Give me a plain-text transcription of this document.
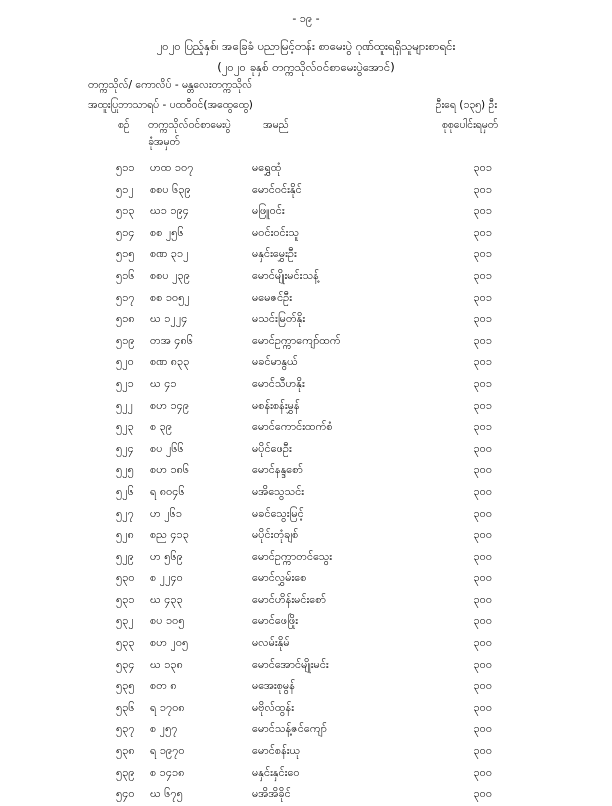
- ၁၉ -
၂၀၂၀ ပြည့်နှစ်၊ အခြေခံ ပညာမြင့်တန်း စာမေးပွဲ ဂုဏ်ထူးရရှိသူများစာရင်း
(၂၀၂၀ ခုနှစ် တက္ကသိုလ်ဝင်စာမေးပွဲအောင်)
တက္ကသိုလ်/ ကောလိပ် - မန္တလေးတက္ကသိုလ်
အထူးပြုဘာသာရပ် - ပထဝီဝင်(အထွေထွေ)	ဦးရေ (၁၃၅) ဦး
စဉ် တက္ကသိုလ်ဝင်စာမေးပွဲ	အမည်	စုစုပေါင်းရမှတ်
ခုံအမှတ်
၅၁၁ ဟထ ၁၀၇	မရွှေထုံ	၃၀၁
၅၁၂ စစပ ၆၃၉	မောင်ဝင်းနိုင်	၃၀၁
၅၁၃ ဃ၁ ၁၉၄	မဖြူဝင်း	၃၀၁
၅၁၄ စစ ၂၅၆	မဝင်းဝင်းသူ	၃၀၁
၅၁၅ စဏ ၃၁၂	မနှင်းမွှေးဦး	၃၀၁
၅၁၆ စစပ ၂၃၉	မောင်မျိုးမင်းသန့်	၃၀၁
၅၁၇ စစ ၁၀၅၂	မမေဇင်ဦး	၃၀၁
၅၁၈ ဃ ၁၂၂၄	မသင်းမြတ်နိုး	၃၀၁
၅၁၉ တအ ၄၈၆	မောင်ဥက္ကာကျော်ထက်	၃၀၁
၅၂၀ စဏ ၈၃၃	မခင်မာနွယ်	၃၀၁
၅၂၁ ဃ ၄၁	မောင်သီဟနိုး	၃၀၁
၅၂၂ စဟ ၁၄၉	မစန်းစန်းမွှန်	၃၀၁
၅၂၃ စ ၃၉	မောင်ကောင်းထက်စံ	၃၀၁
၅၂၄ စပ ၂၆၆	မပိုင်ဖေဦး	၃၀၀
၅၂၅ စဟ ၁၈၆	မောင်နန္ဒစော်	၃၀၀
၅၂၆ ရ ၈၀၄၆	မအိသွေသင်း	၃၀၀
၅၂၇ ဟ ၂၆၁	မခင်သွေးမြင့်	၃၀၀
၅၂၈ စည ၄၁၃	မပိုင်းတုံချစ်	၃၀၀
၅၂၉ ဟ ၅၆၉	မောင်ဥက္ကာတင်သွေး	၃၀၀
၅၃၀ စ ၂၂၄၀	မောင်လွှမ်းစေ	၃၀၀
၅၃၁ ဃ ၄၃၃	မောင်ဟိန်းမင်းစော်	၃၀၀
၅၃၂ စပ ၁၀၅	မောင်ဖေဖြိုး	၃၀၀
၅၃၃ စဟ ၂၀၅	မလမ်းနိုမ်	၃၀၀
၅၃၄ ဃ ၁၃၈	မောင်အောင်မျိုးမင်း	၃၀၀
၅၃၅ စတ ၈	မအေးစုမွန်	၃၀၀
၅၃၆ ရ ၁၇၀၈	မဗိုလ်ထွန်း	၃၀၀
၅၃၇ စ ၂၅၇	မောင်သန့်ဇင်ကျော်	၃၀၀
၅၃၈ ရ ၁၉၇၀	မောင်စန်းယု	၃၀၀
၅၃၉ စ ၁၄၁၈	မနှင်းနှင်းဝေ	၃၀၀
၅၄၀ ဃ ၆၇၅	မအိအိခိုင်	၃၀၀
